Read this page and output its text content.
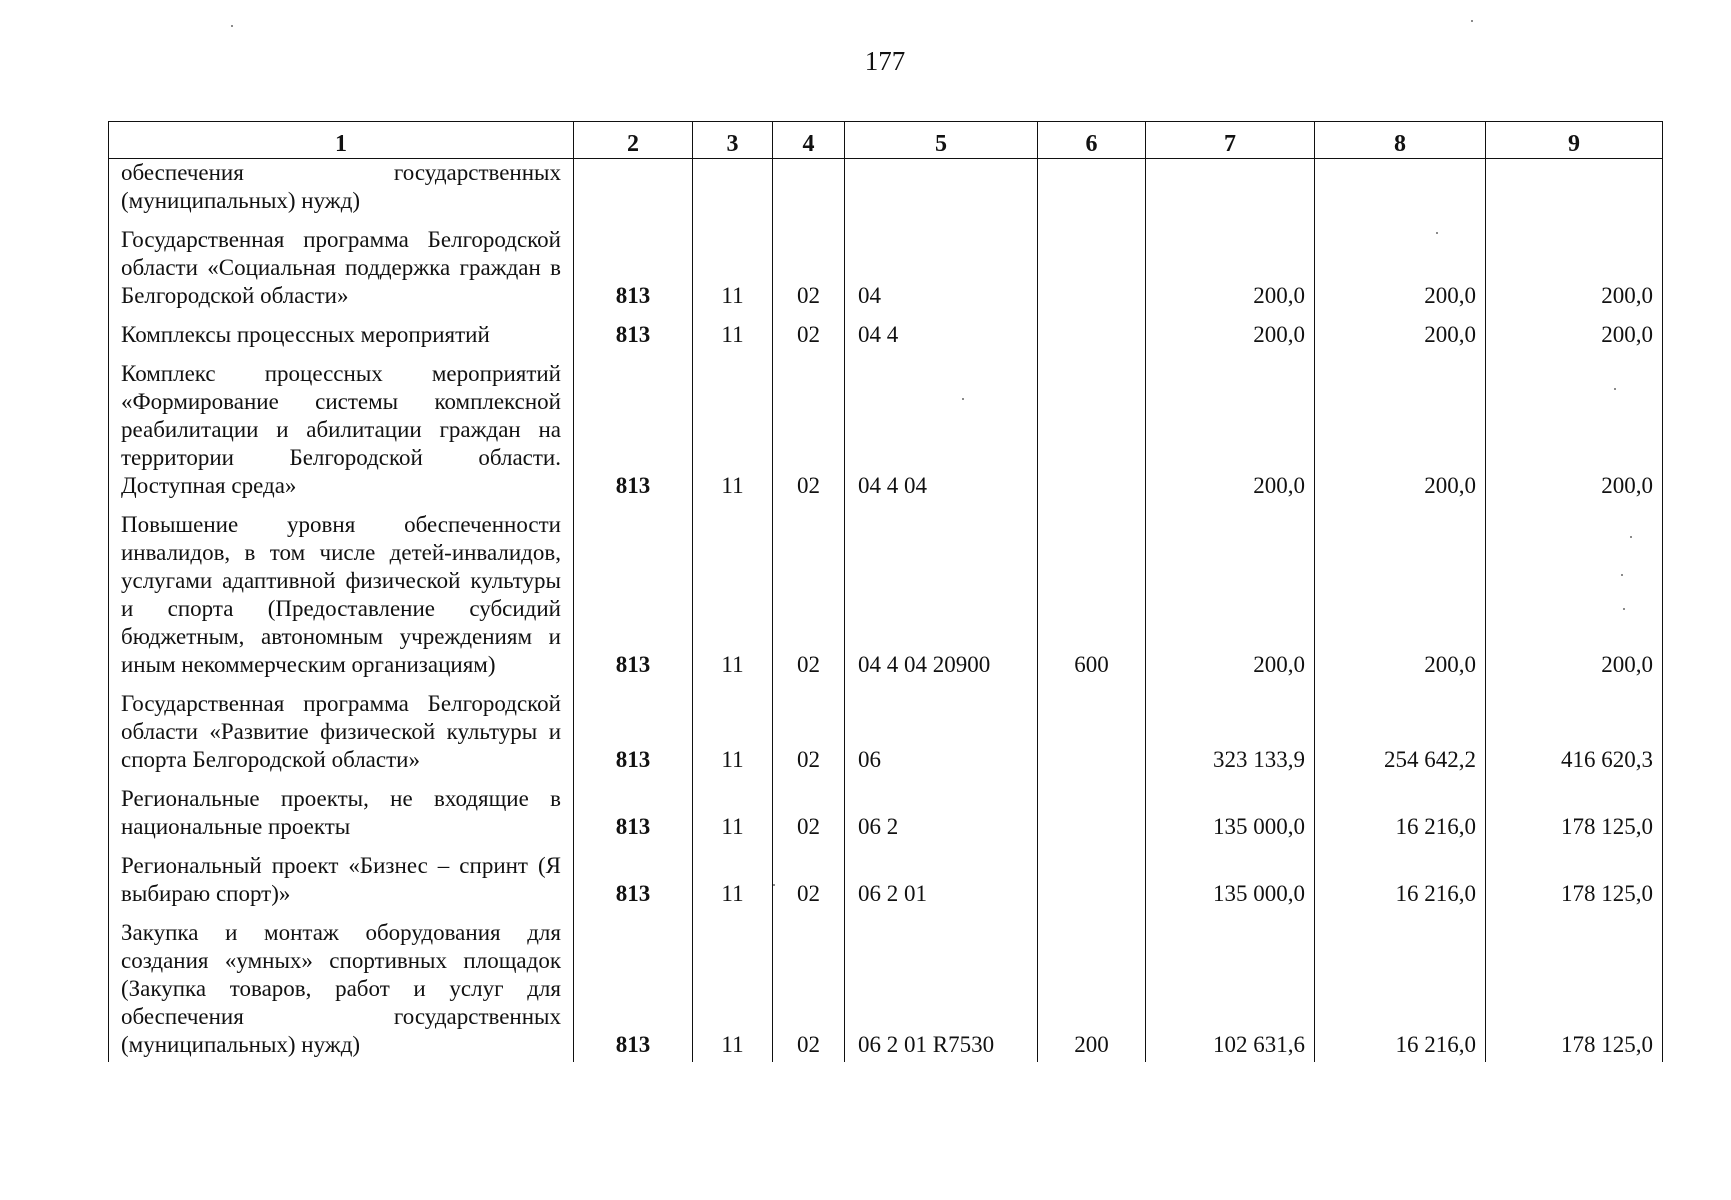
177
1	2	3	4	5	6	7	8	9
обеспечения государственных (муниципальных) нужд)								
Государственная программа Белгородской области «Социальная поддержка граждан в Белгородской области»	813	11	02	04		200,0	200,0	200,0
Комплексы процессных мероприятий	813	11	02	04 4		200,0	200,0	200,0
Комплекс процессных мероприятий «Формирование системы комплексной реабилитации и абилитации граждан на территории Белгородской области. Доступная среда»	813	11	02	04 4 04		200,0	200,0	200,0
Повышение уровня обеспеченности инвалидов, в том числе детей-инвалидов, услугами адаптивной физической культуры и спорта (Предоставление субсидий бюджетным, автономным учреждениям и иным некоммерческим организациям)	813	11	02	04 4 04 20900	600	200,0	200,0	200,0
Государственная программа Белгородской области «Развитие физической культуры и спорта Белгородской области»	813	11	02	06		323 133,9	254 642,2	416 620,3
Региональные проекты, не входящие в национальные проекты	813	11	02	06 2		135 000,0	16 216,0	178 125,0
Региональный проект «Бизнес – спринт (Я выбираю спорт)»	813	11	02	06 2 01		135 000,0	16 216,0	178 125,0
Закупка и монтаж оборудования для создания «умных» спортивных площадок (Закупка товаров, работ и услуг для обеспечения государственных (муниципальных) нужд)	813	11	02	06 2 01 R7530	200	102 631,6	16 216,0	178 125,0
